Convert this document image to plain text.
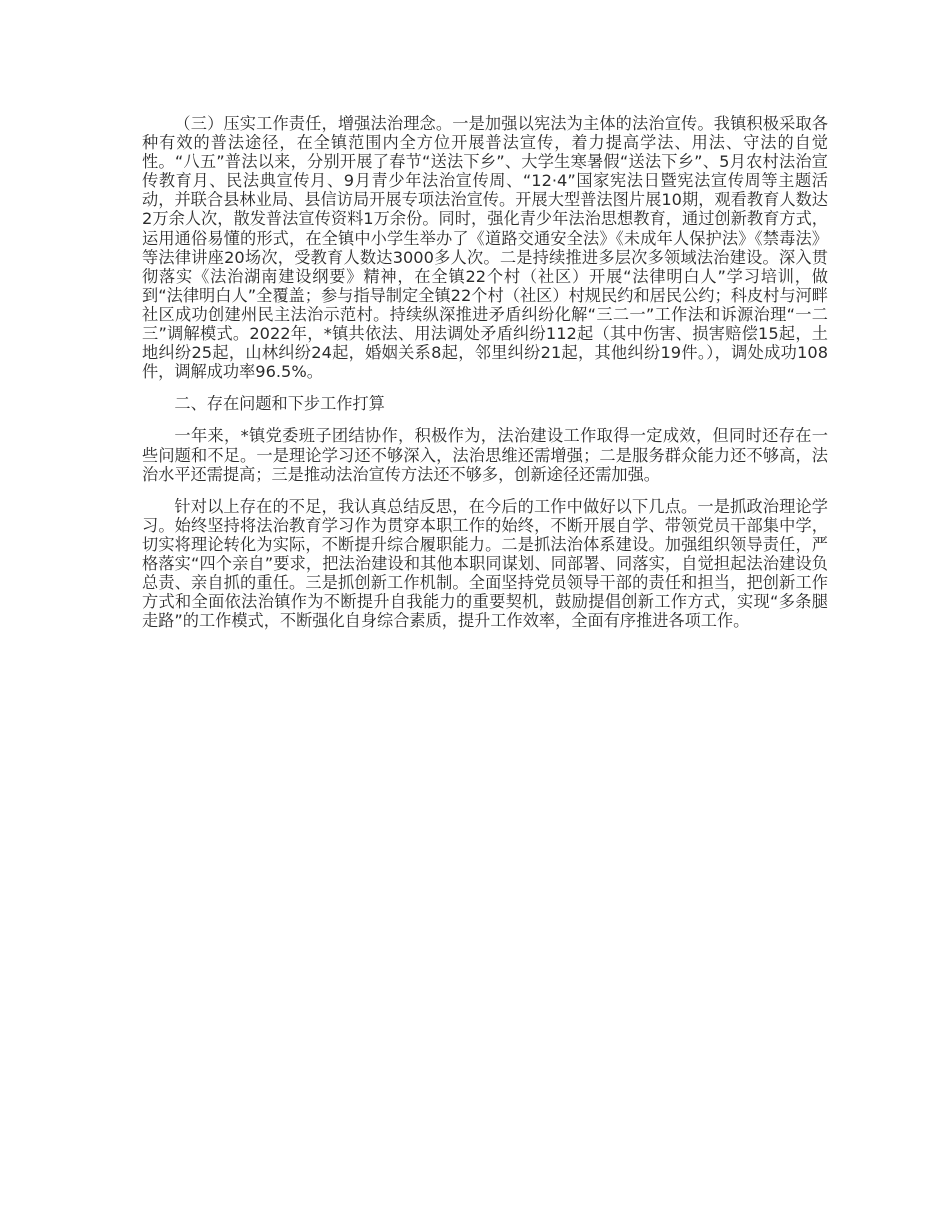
（三）压实工作责任，增强法治理念。一是加强以宪法为主体的法治宣传。我镇积极采取各种有效的普法途径，在全镇范围内全方位开展普法宣传，着力提高学法、用法、守法的自觉性。“八五”普法以来，分别开展了春节“送法下乡”、大学生寒暑假“送法下乡”、5月农村法治宣传教育月、民法典宣传月、9月青少年法治宣传周、“12·4”国家宪法日暨宪法宣传周等主题活动，并联合县林业局、县信访局开展专项法治宣传。开展大型普法图片展10期，观看教育人数达2万余人次，散发普法宣传资料1万余份。同时，强化青少年法治思想教育，通过创新教育方式，运用通俗易懂的形式，在全镇中小学生举办了《道路交通安全法》《未成年人保护法》《禁毒法》等法律讲座20场次，受教育人数达3000多人次。二是持续推进多层次多领域法治建设。深入贯彻落实《法治湖南建设纲要》精神，在全镇22个村（社区）开展“法律明白人”学习培训，做到“法律明白人”全覆盖；参与指导制定全镇22个村（社区）村规民约和居民公约；科皮村与河畔社区成功创建州民主法治示范村。持续纵深推进矛盾纠纷化解“三二一”工作法和诉源治理“一二三”调解模式。2022年，*镇共依法、用法调处矛盾纠纷112起（其中伤害、损害赔偿15起，土地纠纷25起，山林纠纷24起，婚姻关系8起，邻里纠纷21起，其他纠纷19件。），调处成功108件，调解成功率96.5%。

二、存在问题和下步工作打算

一年来，*镇党委班子团结协作，积极作为，法治建设工作取得一定成效，但同时还存在一些问题和不足。一是理论学习还不够深入，法治思维还需增强；二是服务群众能力还不够高，法治水平还需提高；三是推动法治宣传方法还不够多，创新途径还需加强。

针对以上存在的不足，我认真总结反思，在今后的工作中做好以下几点。一是抓政治理论学习。始终坚持将法治教育学习作为贯穿本职工作的始终，不断开展自学、带领党员干部集中学，切实将理论转化为实际，不断提升综合履职能力。二是抓法治体系建设。加强组织领导责任，严格落实“四个亲自”要求，把法治建设和其他本职同谋划、同部署、同落实，自觉担起法治建设负总责、亲自抓的重任。三是抓创新工作机制。全面坚持党员领导干部的责任和担当，把创新工作方式和全面依法治镇作为不断提升自我能力的重要契机，鼓励提倡创新工作方式，实现“多条腿走路”的工作模式，不断强化自身综合素质，提升工作效率，全面有序推进各项工作。
